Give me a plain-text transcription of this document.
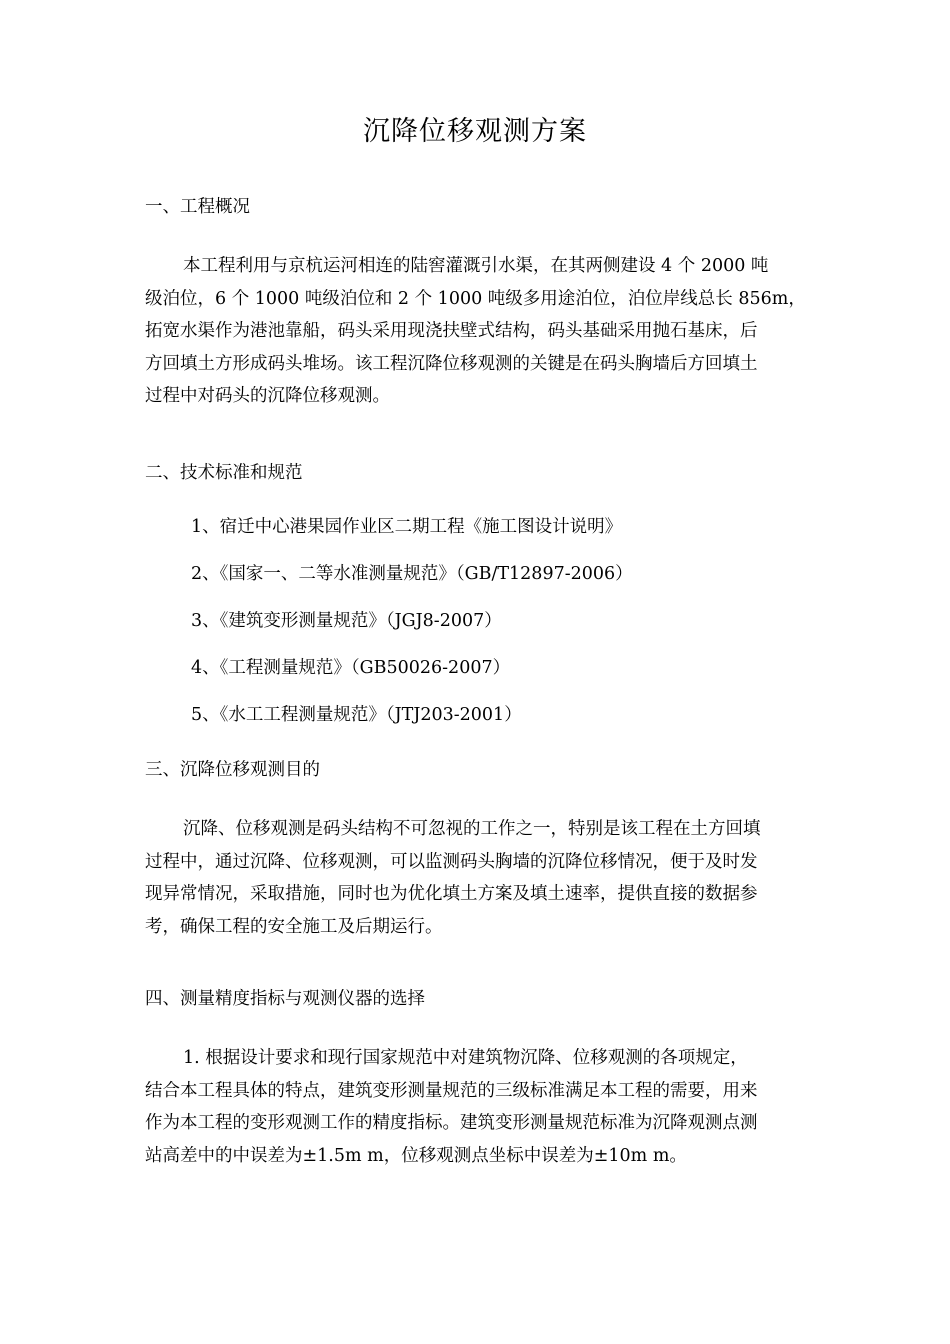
沉降位移观测方案
一、工程概况
本工程利用与京杭运河相连的陆窖灌溉引水渠，在其两侧建设 4 个 2000 吨
级泊位，6 个 1000 吨级泊位和 2 个 1000 吨级多用途泊位，泊位岸线总长 856m，
拓宽水渠作为港池靠船，码头采用现浇扶壁式结构，码头基础采用抛石基床，后
方回填土方形成码头堆场。该工程沉降位移观测的关键是在码头胸墙后方回填土
过程中对码头的沉降位移观测。
二、技术标准和规范
1、宿迁中心港果园作业区二期工程《施工图设计说明》
2、《国家一、二等水准测量规范》（GB/T12897-2006）
3、《建筑变形测量规范》（JGJ8-2007）
4、《工程测量规范》（GB50026-2007）
5、《水工工程测量规范》（JTJ203-2001）
三、沉降位移观测目的
沉降、位移观测是码头结构不可忽视的工作之一，特别是该工程在土方回填
过程中，通过沉降、位移观测，可以监测码头胸墙的沉降位移情况，便于及时发
现异常情况，采取措施，同时也为优化填土方案及填土速率，提供直接的数据参
考，确保工程的安全施工及后期运行。
四、测量精度指标与观测仪器的选择
1. 根据设计要求和现行国家规范中对建筑物沉降、位移观测的各项规定，
结合本工程具体的特点，建筑变形测量规范的三级标准满足本工程的需要，用来
作为本工程的变形观测工作的精度指标。建筑变形测量规范标准为沉降观测点测
站高差中的中误差为±1.5m m，位移观测点坐标中误差为±10m m。
